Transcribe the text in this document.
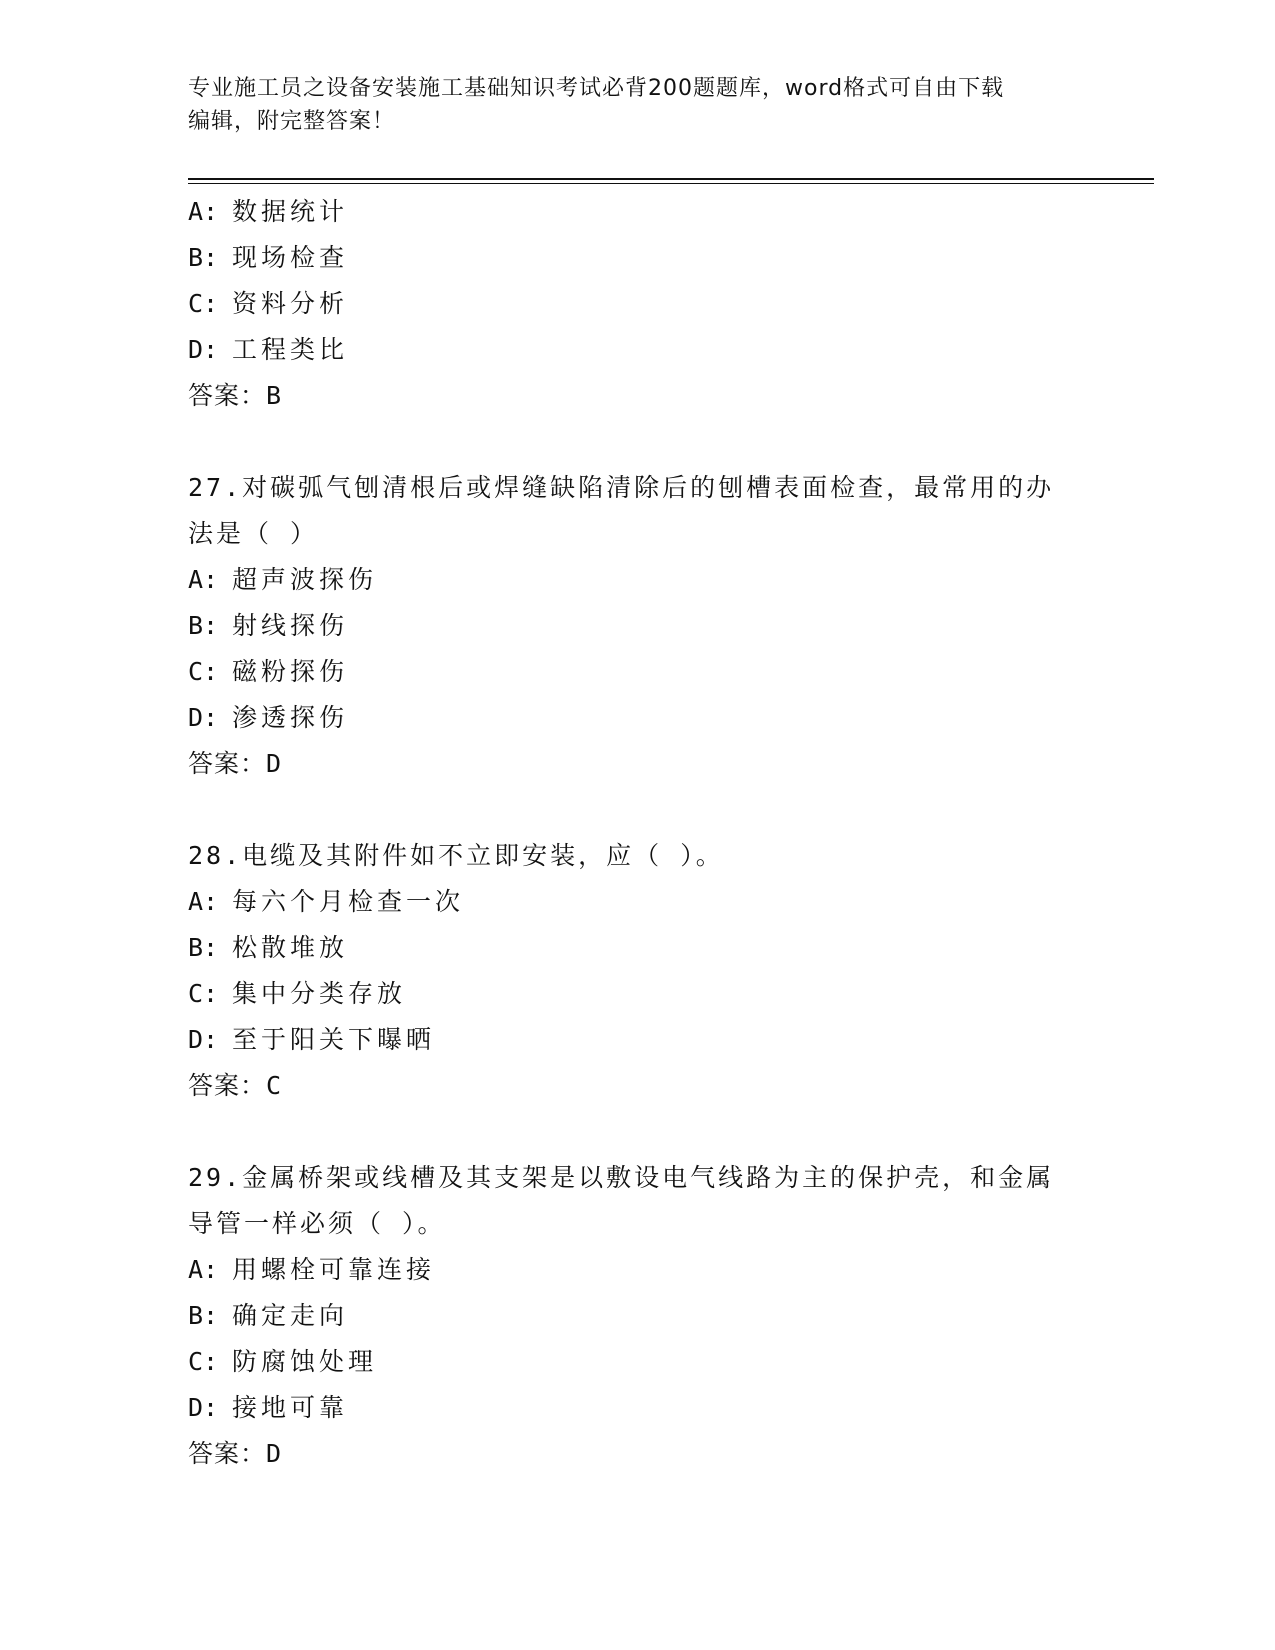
专业施工员之设备安装施工基础知识考试必背200题题库，word格式可自由下载
编辑，附完整答案！
A: 数据统计
B: 现场检查
C: 资料分析
D: 工程类比
答案：B
27.对碳弧气刨清根后或焊缝缺陷清除后的刨槽表面检查，最常用的办
法是（ ）
A: 超声波探伤
B: 射线探伤
C: 磁粉探伤
D: 渗透探伤
答案：D
28.电缆及其附件如不立即安装，应（ ）。
A: 每六个月检查一次
B: 松散堆放
C: 集中分类存放
D: 至于阳关下曝晒
答案：C
29.金属桥架或线槽及其支架是以敷设电气线路为主的保护壳，和金属
导管一样必须（ ）。
A: 用螺栓可靠连接
B: 确定走向
C: 防腐蚀处理
D: 接地可靠
答案：D
